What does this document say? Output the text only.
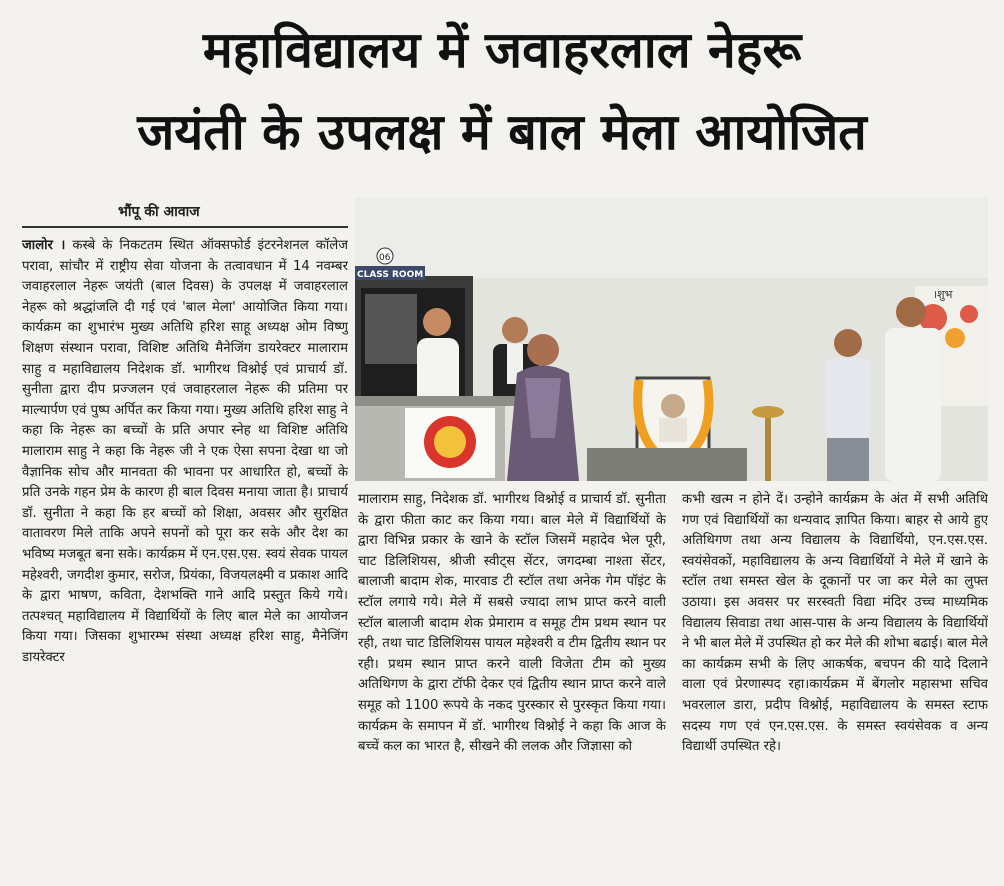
महाविद्यालय में जवाहरलाल नेहरू
जयंती के उपलक्ष में बाल मेला आयोजित
भौंपू की आवाज

जालोर । कस्बे के निकटतम स्थित ऑक्सफोर्ड इंटरनेशनल कॉलेज परावा, सांचौर में राष्ट्रीय सेवा योजना के तत्वावधान में 14 नवम्बर जवाहरलाल नेहरू जयंती (बाल दिवस) के उपलक्ष में जवाहरलाल नेहरू को श्रद्धांजलि दी गई एवं 'बाल मेला' आयोजित किया गया। कार्यक्रम का शुभारंभ मुख्य अतिथि हरिश साहू अध्यक्ष ओम विष्णु शिक्षण संस्थान परावा, विशिष्ट अतिथि मैनेजिंग डायरेक्टर मालाराम साहु व महाविद्यालय निदेशक डॉ. भागीरथ विश्नोई एवं प्राचार्य डॉ. सुनीता द्वारा दीप प्रज्जलन एवं जवाहरलाल नेहरू की प्रतिमा पर माल्यार्पण एवं पुष्प अर्पित कर किया गया। मुख्य अतिथि हरिश साहु ने कहा कि नेहरू का बच्चों के प्रति अपार स्नेह था विशिष्ट अतिथि मालाराम साहु ने कहा कि नेहरू जी ने एक ऐसा सपना देखा था जो वैज्ञानिक सोच और मानवता की भावना पर आधारित हो, बच्चों के प्रति उनके गहन प्रेम के कारण ही बाल दिवस मनाया जाता है। प्राचार्य डॉ. सुनीता ने कहा कि हर बच्चों को शिक्षा, अवसर और सुरक्षित वातावरण मिले ताकि अपने सपनों को पूरा कर सके और देश का भविष्य मजबूत बना सके। कार्यक्रम में एन.एस.एस. स्वयं सेवक पायल महेश्वरी, जगदीश कुमार, सरोज, प्रियंका, विजयलक्ष्मी व प्रकाश आदि के द्वारा भाषण, कविता, देशभक्ति गाने आदि प्रस्तुत किये गये। तत्पश्चत् महाविद्यालय में विद्यार्थियों के लिए बाल मेले का आयोजन किया गया। जिसका शुभारम्भ संस्था अध्यक्ष हरिश साहु, मैनेजिंग डायरेक्टर

।शुभ
06
CLASS ROOM

मालाराम साहु, निदेशक डॉ. भागीरथ विश्नोई व प्राचार्य डॉ. सुनीता के द्वारा फीता काट कर किया गया। बाल मेले में विद्यार्थियों के द्वारा विभिन्न प्रकार के खाने के स्टॉल जिसमें महादेव भेल पूरी, चाट डिलिशियस, श्रीजी स्वीट्स सेंटर, जगदम्बा नाश्ता सेंटर, बालाजी बादाम शेक, मारवाड टी स्टॉल तथा अनेक गेम पॉइंट के स्टॉल लगाये गये। मेले में सबसे ज्यादा लाभ प्राप्त करने वाली स्टॉल बालाजी बादाम शेक प्रेमाराम व समूह टीम प्रथम स्थान पर रही, तथा चाट डिलिशियस पायल महेश्वरी व टीम द्वितीय स्थान पर रही। प्रथम स्थान प्राप्त करने वाली विजेता टीम को मुख्य अतिथिगण के द्वारा टॉफी देकर एवं द्वितीय स्थान प्राप्त करने वाले समूह को 1100 रूपये के नकद पुरस्कार से पुरस्कृत किया गया। कार्यक्रम के समापन में डॉ. भागीरथ विश्नोई ने कहा कि आज के बच्चें कल का भारत है, सीखने की ललक और जिज्ञासा को

कभी खत्म न होने दें। उन्होने कार्यक्रम के अंत में सभी अतिथि गण एवं विद्यार्थियों का धन्यवाद ज्ञापित किया। बाहर से आये हुए अतिथिगण तथा अन्य विद्यालय के विद्यार्थियो, एन.एस.एस. स्वयंसेवकों, महाविद्यालय के अन्य विद्यार्थियों ने मेले में खाने के स्टॉल तथा समस्त खेल के दूकानों पर जा कर मेले का लुफ्त उठाया। इस अवसर पर सरस्वती विद्या मंदिर उच्च माध्यमिक विद्यालय सिवाडा तथा आस-पास के अन्य विद्यालय के विद्यार्थियों ने भी बाल मेले में उपस्थित हो कर मेले की शोभा बढाई। बाल मेले का कार्यक्रम सभी के लिए आकर्षक, बचपन की यादे दिलाने वाला एवं प्रेरणास्पद रहा।कार्यक्रम में बेंगलोर महासभा सचिव भवरलाल डारा, प्रदीप विश्नोई, महाविद्यालय के समस्त स्टाफ सदस्य गण एवं एन.एस.एस. के समस्त स्वयंसेवक व अन्य विद्यार्थी उपस्थित रहे।
